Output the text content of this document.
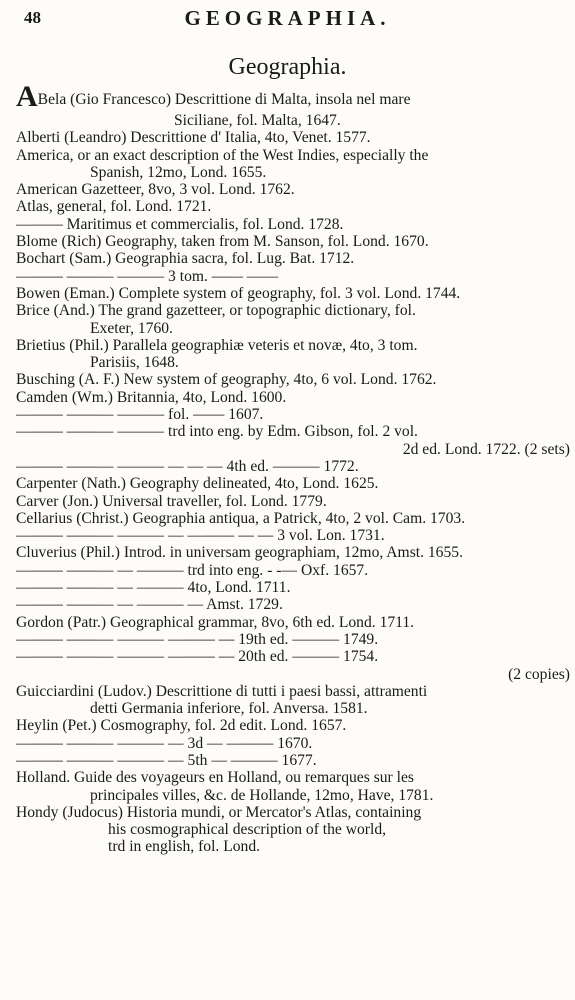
48	GEOGRAPHIA.
Geographia.
ABela (Gio Francesco) Descrittione di Malta, insola nel mare
Siciliane, fol. Malta, 1647.
Alberti (Leandro) Descrittione d' Italia, 4to, Venet. 1577.
America, or an exact description of the West Indies, especially the
Spanish, 12mo, Lond. 1655.
American Gazetteer, 8vo, 3 vol. Lond. 1762.
Atlas, general, fol. Lond. 1721.
——— Maritimus et commercialis, fol. Lond. 1728.
Blome (Rich) Geography, taken from M. Sanson, fol. Lond. 1670.
Bochart (Sam.) Geographia sacra, fol. Lug. Bat. 1712.
——— ——— ——— 3 tom. —— ——
Bowen (Eman.) Complete system of geography, fol. 3 vol. Lond. 1744.
Brice (And.) The grand gazetteer, or topographic dictionary, fol.
Exeter, 1760.
Brietius (Phil.) Parallela geographiæ veteris et novæ, 4to, 3 tom.
Parisiis, 1648.
Busching (A. F.) New system of geography, 4to, 6 vol. Lond. 1762.
Camden (Wm.) Britannia, 4to, Lond. 1600.
——— ——— ——— fol. —— 1607.
——— ——— ——— trd into eng. by Edm. Gibson, fol. 2 vol.
2d ed. Lond. 1722. (2 sets)
——— ——— ——— — — — 4th ed. ——— 1772.
Carpenter (Nath.) Geography delineated, 4to, Lond. 1625.
Carver (Jon.) Universal traveller, fol. Lond. 1779.
Cellarius (Christ.) Geographia antiqua, a Patrick, 4to, 2 vol. Cam. 1703.
——— ——— ——— — ——— — — 3 vol. Lon. 1731.
Cluverius (Phil.) Introd. in universam geographiam, 12mo, Amst. 1655.
——— ——— — ——— trd into eng. - -— Oxf. 1657.
——— ——— — ——— 4to, Lond. 1711.
——— ——— — ——— — Amst. 1729.
Gordon (Patr.) Geographical grammar, 8vo, 6th ed. Lond. 1711.
——— ——— ——— ——— — 19th ed. ——— 1749.
——— ——— ——— ——— — 20th ed. ——— 1754.
(2 copies)
Guicciardini (Ludov.) Descrittione di tutti i paesi bassi, attramenti
detti Germania inferiore, fol. Anversa. 1581.
Heylin (Pet.) Cosmography, fol. 2d edit. Lond. 1657.
——— ——— ——— — 3d — ——— 1670.
——— ——— ——— — 5th — ——— 1677.
Holland. Guide des voyageurs en Holland, ou remarques sur les
principales villes, &c. de Hollande, 12mo, Have, 1781.
Hondy (Judocus) Historia mundi, or Mercator's Atlas, containing
his cosmographical description of the world,
trd in english, fol. Lond.
